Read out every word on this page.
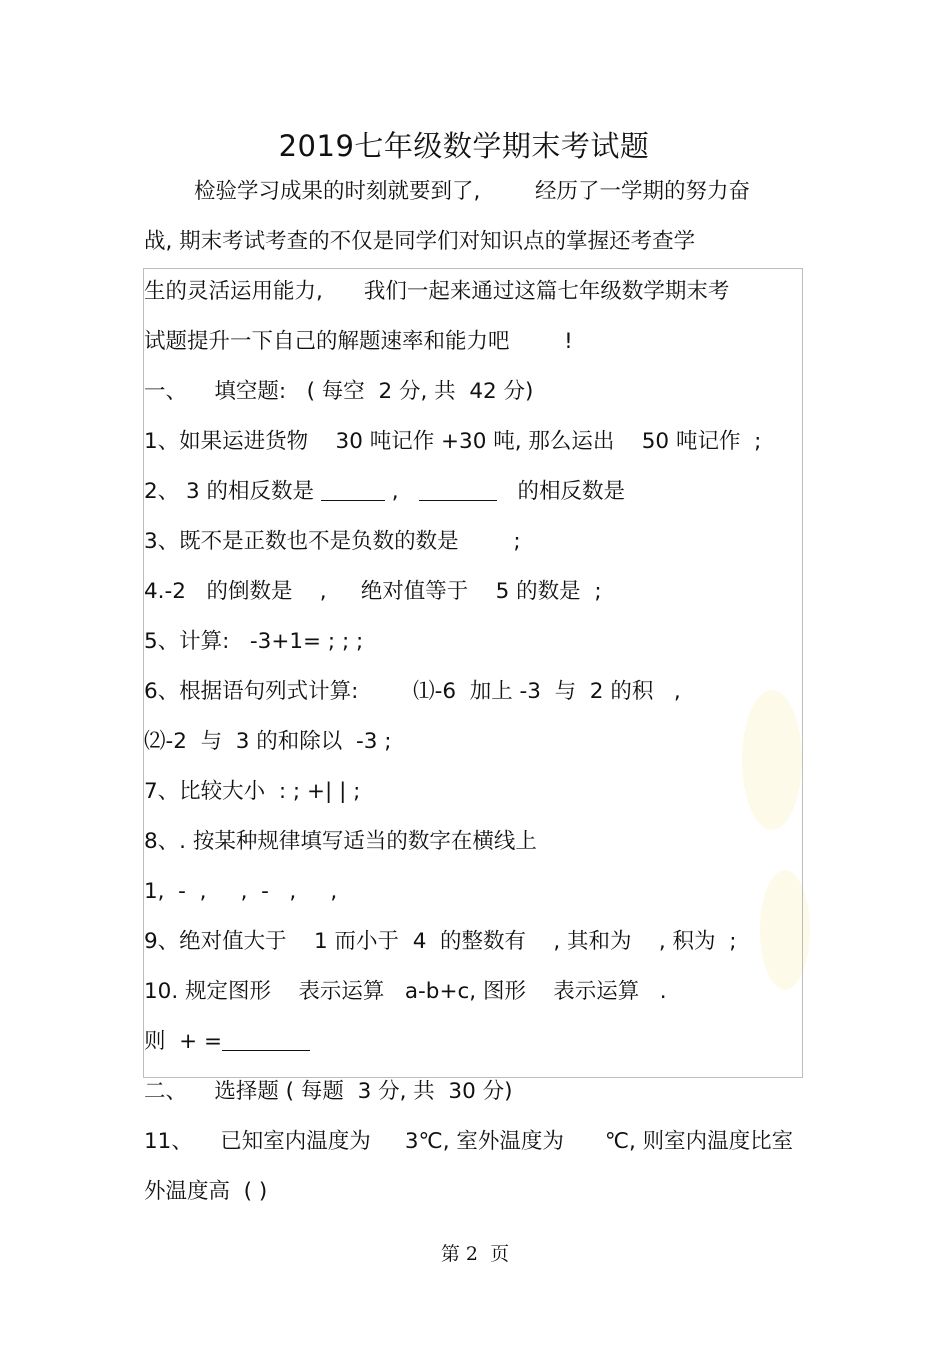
2019七年级数学期末考试题
检验学习成果的时刻就要到了,        经历了一学期的努力奋
战, 期末考试考查的不仅是同学们对知识点的掌握还考查学
生的灵活运用能力,      我们一起来通过这篇七年级数学期末考
试题提升一下自己的解题速率和能力吧        !
一、    填空题:   ( 每空  2 分, 共  42 分)
1、如果运进货物    30 吨记作 +30 吨, 那么运出    50 吨记作  ;
2、 3 的相反数是	,	的相反数是
3、既不是正数也不是负数的数是        ;
4.-2   的倒数是    ,     绝对值等于    5 的数是  ;
5、计算:   -3+1= ; ; ;
6、根据语句列式计算:        ⑴-6  加上 -3  与  2 的积   ,
⑵-2  与  3 的和除以  -3 ;
7、比较大小  : ; +| | ;
8、. 按某种规律填写适当的数字在横线上
1,  -  ,     ,  -   ,     ,
9、绝对值大于    1 而小于  4  的整数有    , 其和为    , 积为  ;
10. 规定图形    表示运算   a-b+c, 图形    表示运算   .
则  + =
二、    选择题 ( 每题  3 分, 共  30 分)
11、    已知室内温度为     3℃, 室外温度为      ℃, 则室内温度比室
外温度高  ( )
第 2  页
